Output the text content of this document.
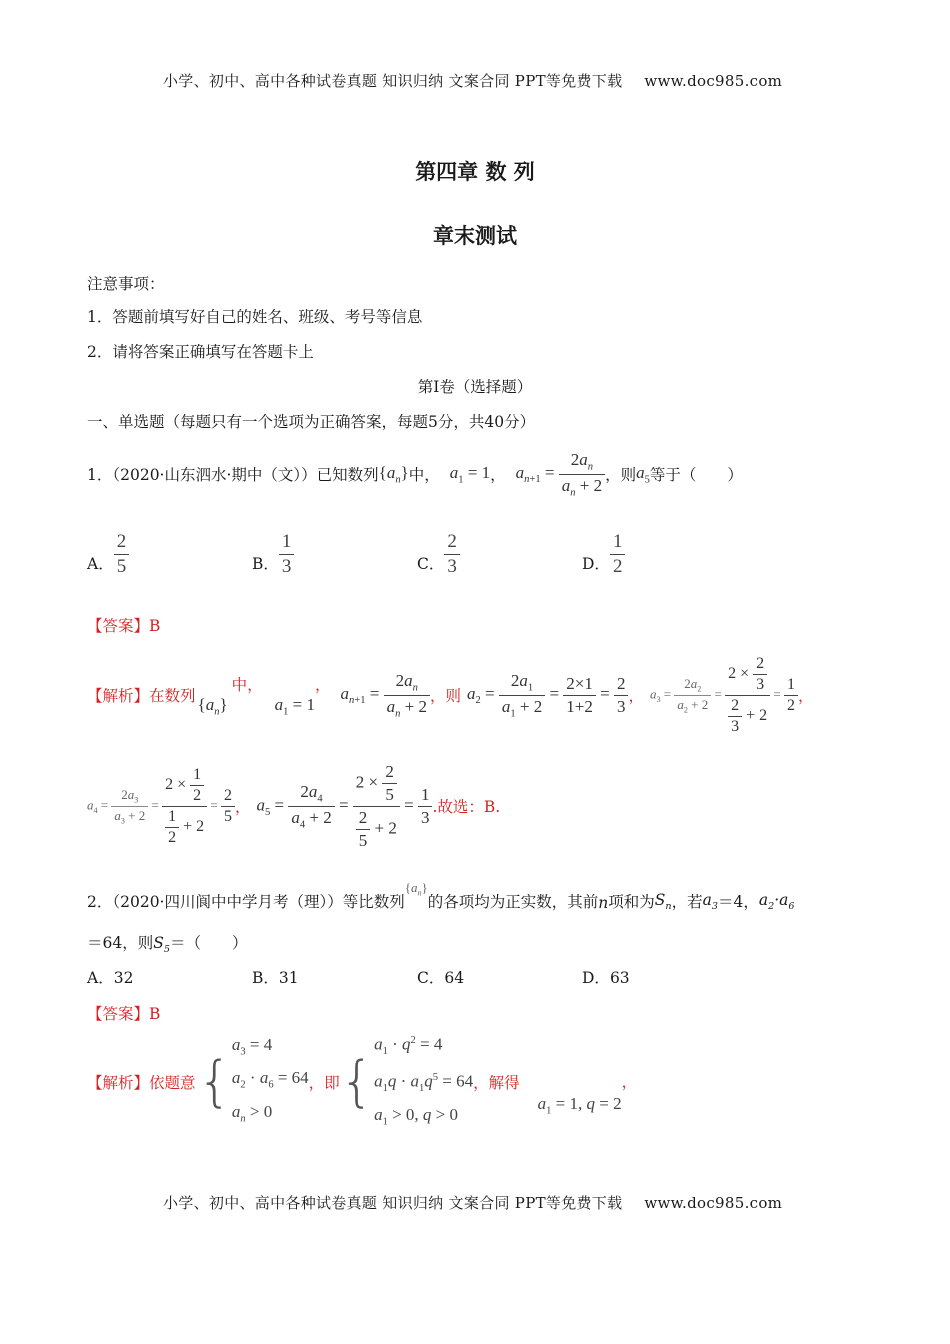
小学、初中、高中各种试卷真题 知识归纳 文案合同 PPT等免费下载 www.doc985.com
第四章 数 列
章末测试
注意事项：
1．答题前填写好自己的姓名、班级、考号等信息
2．请将答案正确填写在答题卡上
第I卷（选择题）
一、单选题（每题只有一个选项为正确答案，每题5分，共40分）
1．（2020·山东泗水·期中（文））已知数列 $\{a_n\}$ 中， $a_1 = 1$ ， $a_{n+1} = \frac{2a_n}{a_n + 2}$ ，则 $a_5$ 等于（　　）
A． $\frac{2}{5}$	B． $\frac{1}{3}$	C． $\frac{2}{3}$	D． $\frac{1}{2}$
【答案】B
【解析】 在数列 $\{a_n\}$
中，
$a_1 = 1$
， $a_{n+1} = \frac{2a_n}{a_n + 2}$ ，则 $a_2 = \frac{2a_1}{a_1 + 2} = \frac{2\times 1}{1+2} = \frac{2}{3}$ ， $a_3 = \frac{2a_2}{a_2 + 2} = \frac{2 \times \frac{2}{3}}{\frac{2}{3} + 2} = \frac{1}{2}$ ，
$a_4 = \frac{2a_3}{a_3 + 2} = \frac{2 \times \frac{1}{2}}{\frac{1}{2} + 2} = \frac{2}{5}$ ， $a_5 = \frac{2a_4}{a_4 + 2} = \frac{2 \times \frac{2}{5}}{\frac{2}{5} + 2} = \frac{1}{3}$ .故选：B.
2．（2020·四川阆中中学月考（理））等比数列
$\{a_n\}$
的各项均为正实数，其前 n 项和为 $S_n$ ，若 $a_3 =4$， $a_2\cdot a_6$
＝64，则$S_5=$（　　）
A．32	B．31	C．64	D．63
【答案】B
【解析】 依题意 {
$a_3 = 4$
$a_2 \cdot a_6 = 64$
$a_n > 0$
，即 {
$a_1 \cdot q^2 = 4$
$a_1q \cdot a_1q^5 = 64$
$a_1 > 0$, q > 0
，解得
$a_1 = 1$, q = 2
，
小学、初中、高中各种试卷真题 知识归纳 文案合同 PPT等免费下载 www.doc985.com
